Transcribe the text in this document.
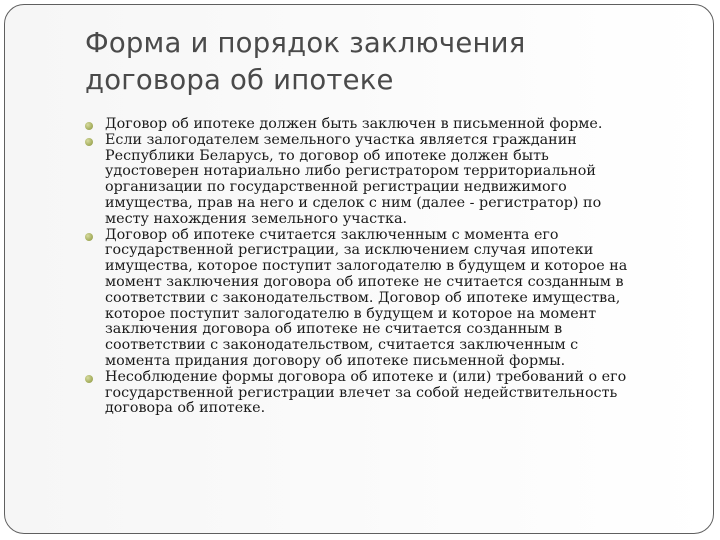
Форма и порядок заключения
договора об ипотеке
Договор об ипотеке должен быть заключен в письменной форме.
Если залогодателем земельного участка является гражданин
Республики Беларусь, то договор об ипотеке должен быть
удостоверен нотариально либо регистратором территориальной
организации по государственной регистрации недвижимого
имущества, прав на него и сделок с ним (далее - регистратор) по
месту нахождения земельного участка.
Договор об ипотеке считается заключенным с момента его
государственной регистрации, за исключением случая ипотеки
имущества, которое поступит залогодателю в будущем и которое на
момент заключения договора об ипотеке не считается созданным в
соответствии с законодательством. Договор об ипотеке имущества,
которое поступит залогодателю в будущем и которое на момент
заключения договора об ипотеке не считается созданным в
соответствии с законодательством, считается заключенным с
момента придания договору об ипотеке письменной формы.
Несоблюдение формы договора об ипотеке и (или) требований о его
государственной регистрации влечет за собой недействительность
договора об ипотеке.
